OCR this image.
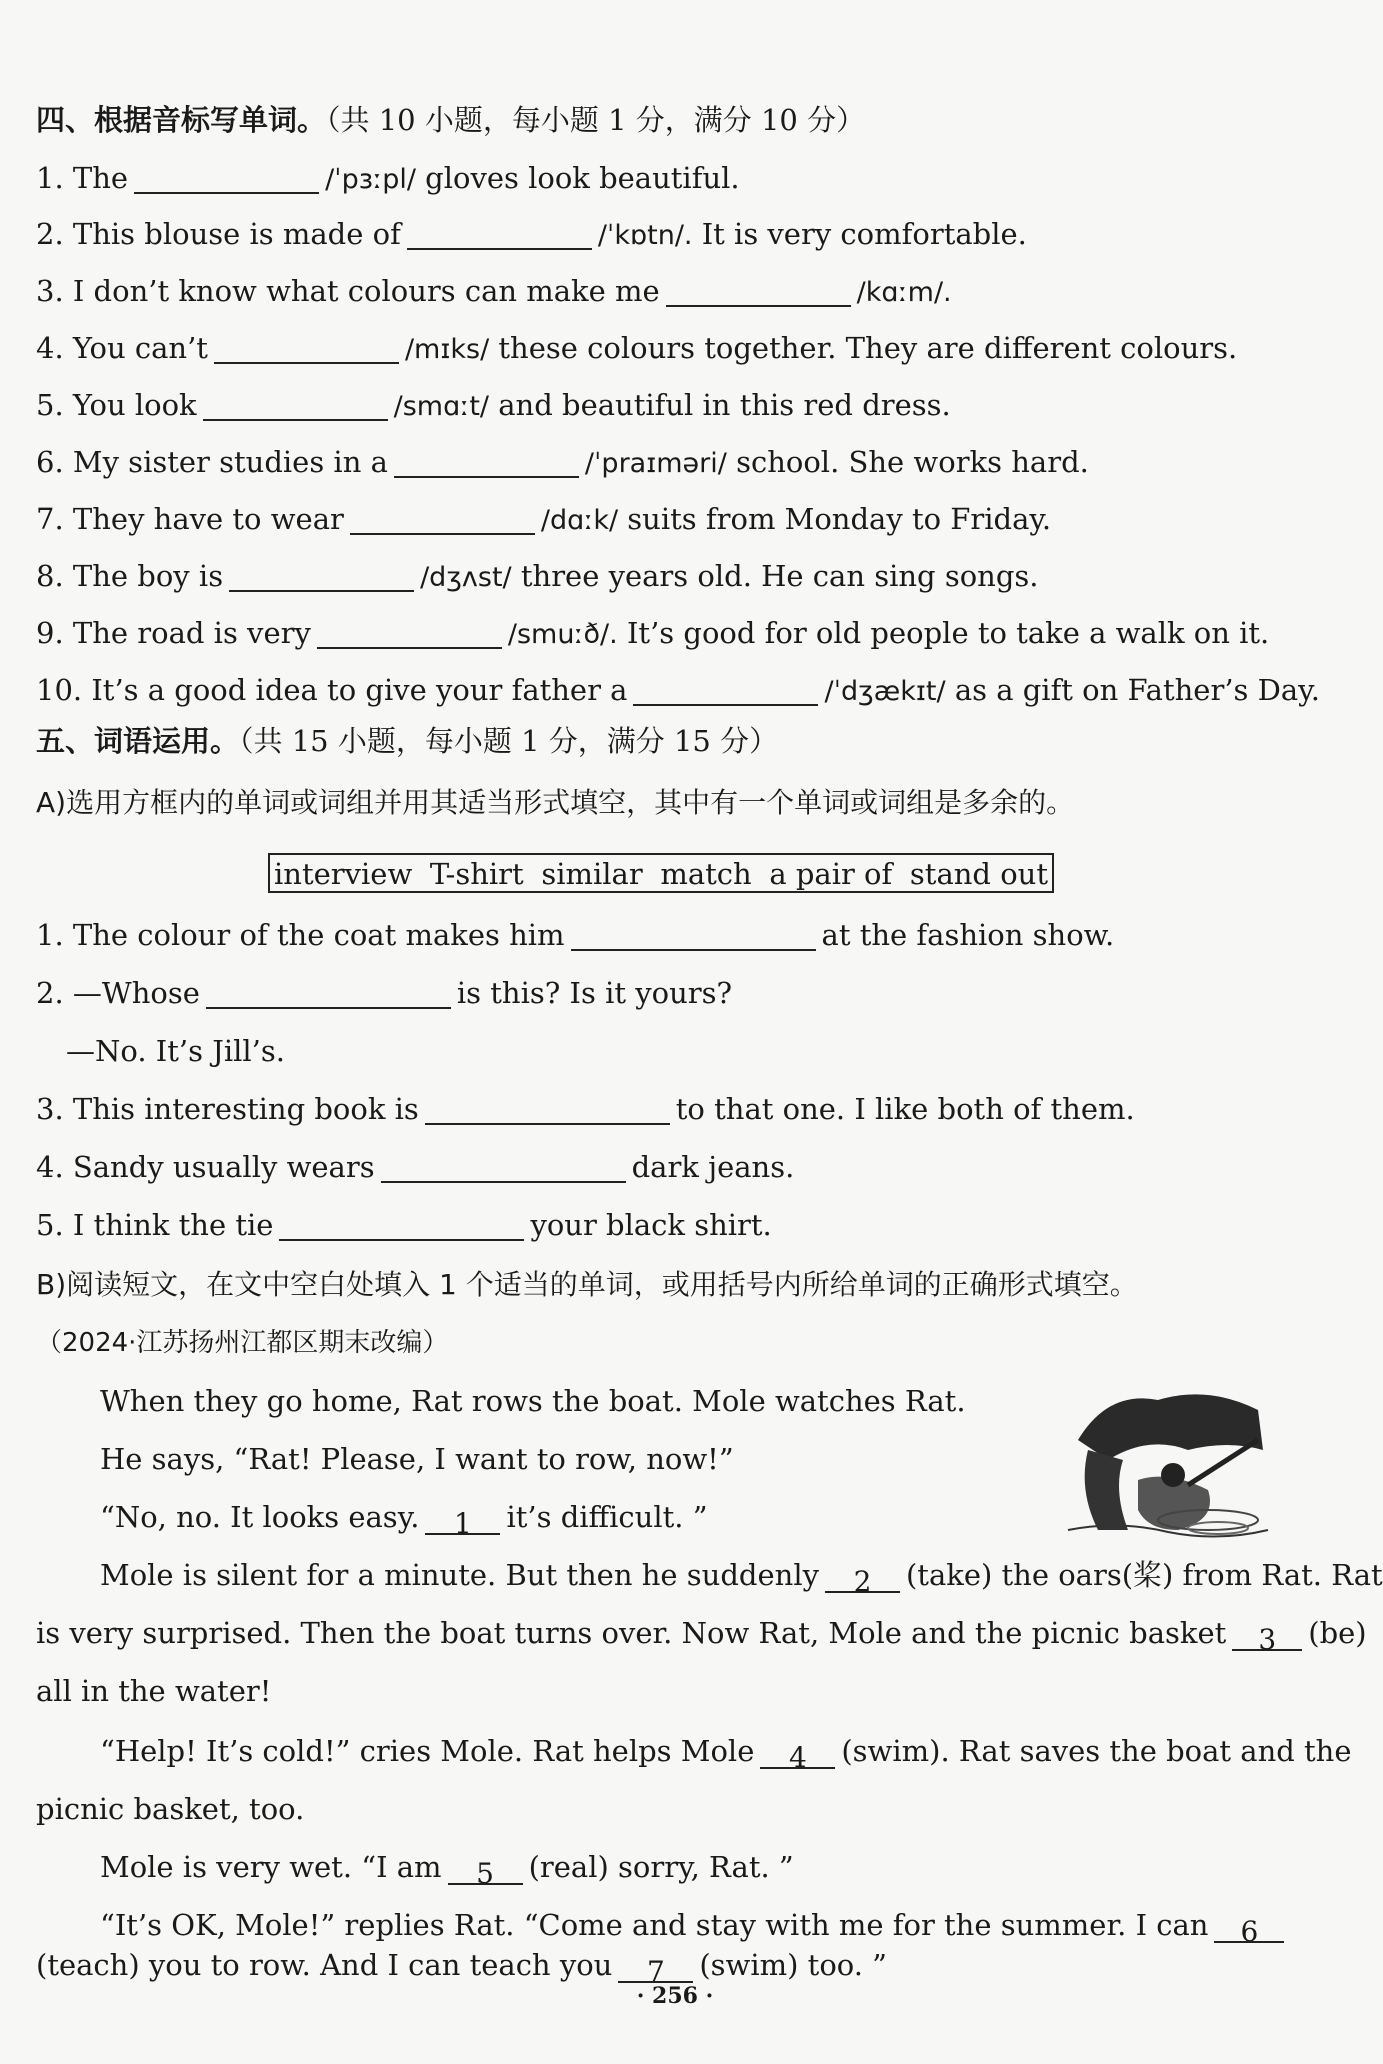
四、根据音标写单词。（共 10 小题，每小题 1 分，满分 10 分）
1. The	/ˈpɜːpl/ gloves look beautiful.
2. This blouse is made of	/ˈkɒtn/. It is very comfortable.
3. I don’t know what colours can make me	/kɑːm/.
4. You can’t	/mɪks/ these colours together. They are different colours.
5. You look	/smɑːt/ and beautiful in this red dress.
6. My sister studies in a	/ˈpraɪməri/ school. She works hard.
7. They have to wear	/dɑːk/ suits from Monday to Friday.
8. The boy is	/dʒʌst/ three years old. He can sing songs.
9. The road is very	/smuːð/. It’s good for old people to take a walk on it.
10. It’s a good idea to give your father a	/ˈdʒækɪt/ as a gift on Father’s Day.
五、词语运用。（共 15 小题，每小题 1 分，满分 15 分）
A)选用方框内的单词或词组并用其适当形式填空，其中有一个单词或词组是多余的。
interview T-shirt similar match a pair of stand out
1. The colour of the coat makes him	at the fashion show.
2. —Whose	is this? Is it yours?
—No. It’s Jill’s.
3. This interesting book is	to that one. I like both of them.
4. Sandy usually wears	dark jeans.
5. I think the tie	your black shirt.
B)阅读短文，在文中空白处填入 1 个适当的单词，或用括号内所给单词的正确形式填空。
（2024·江苏扬州江都区期末改编）
When they go home, Rat rows the boat. Mole watches Rat.
He says, “Rat! Please, I want to row, now!”
“No, no. It looks easy. 1 it’s difficult. ”
Mole is silent for a minute. But then he suddenly 2 (take) the oars(桨) from Rat. Rat
is very surprised. Then the boat turns over. Now Rat, Mole and the picnic basket 3 (be)
all in the water!
“Help! It’s cold!” cries Mole. Rat helps Mole 4 (swim). Rat saves the boat and the
picnic basket, too.
Mole is very wet. “I am 5 (real) sorry, Rat. ”
“It’s OK, Mole!” replies Rat. “Come and stay with me for the summer. I can 6
(teach) you to row. And I can teach you 7 (swim) too. ”
· 256 ·
